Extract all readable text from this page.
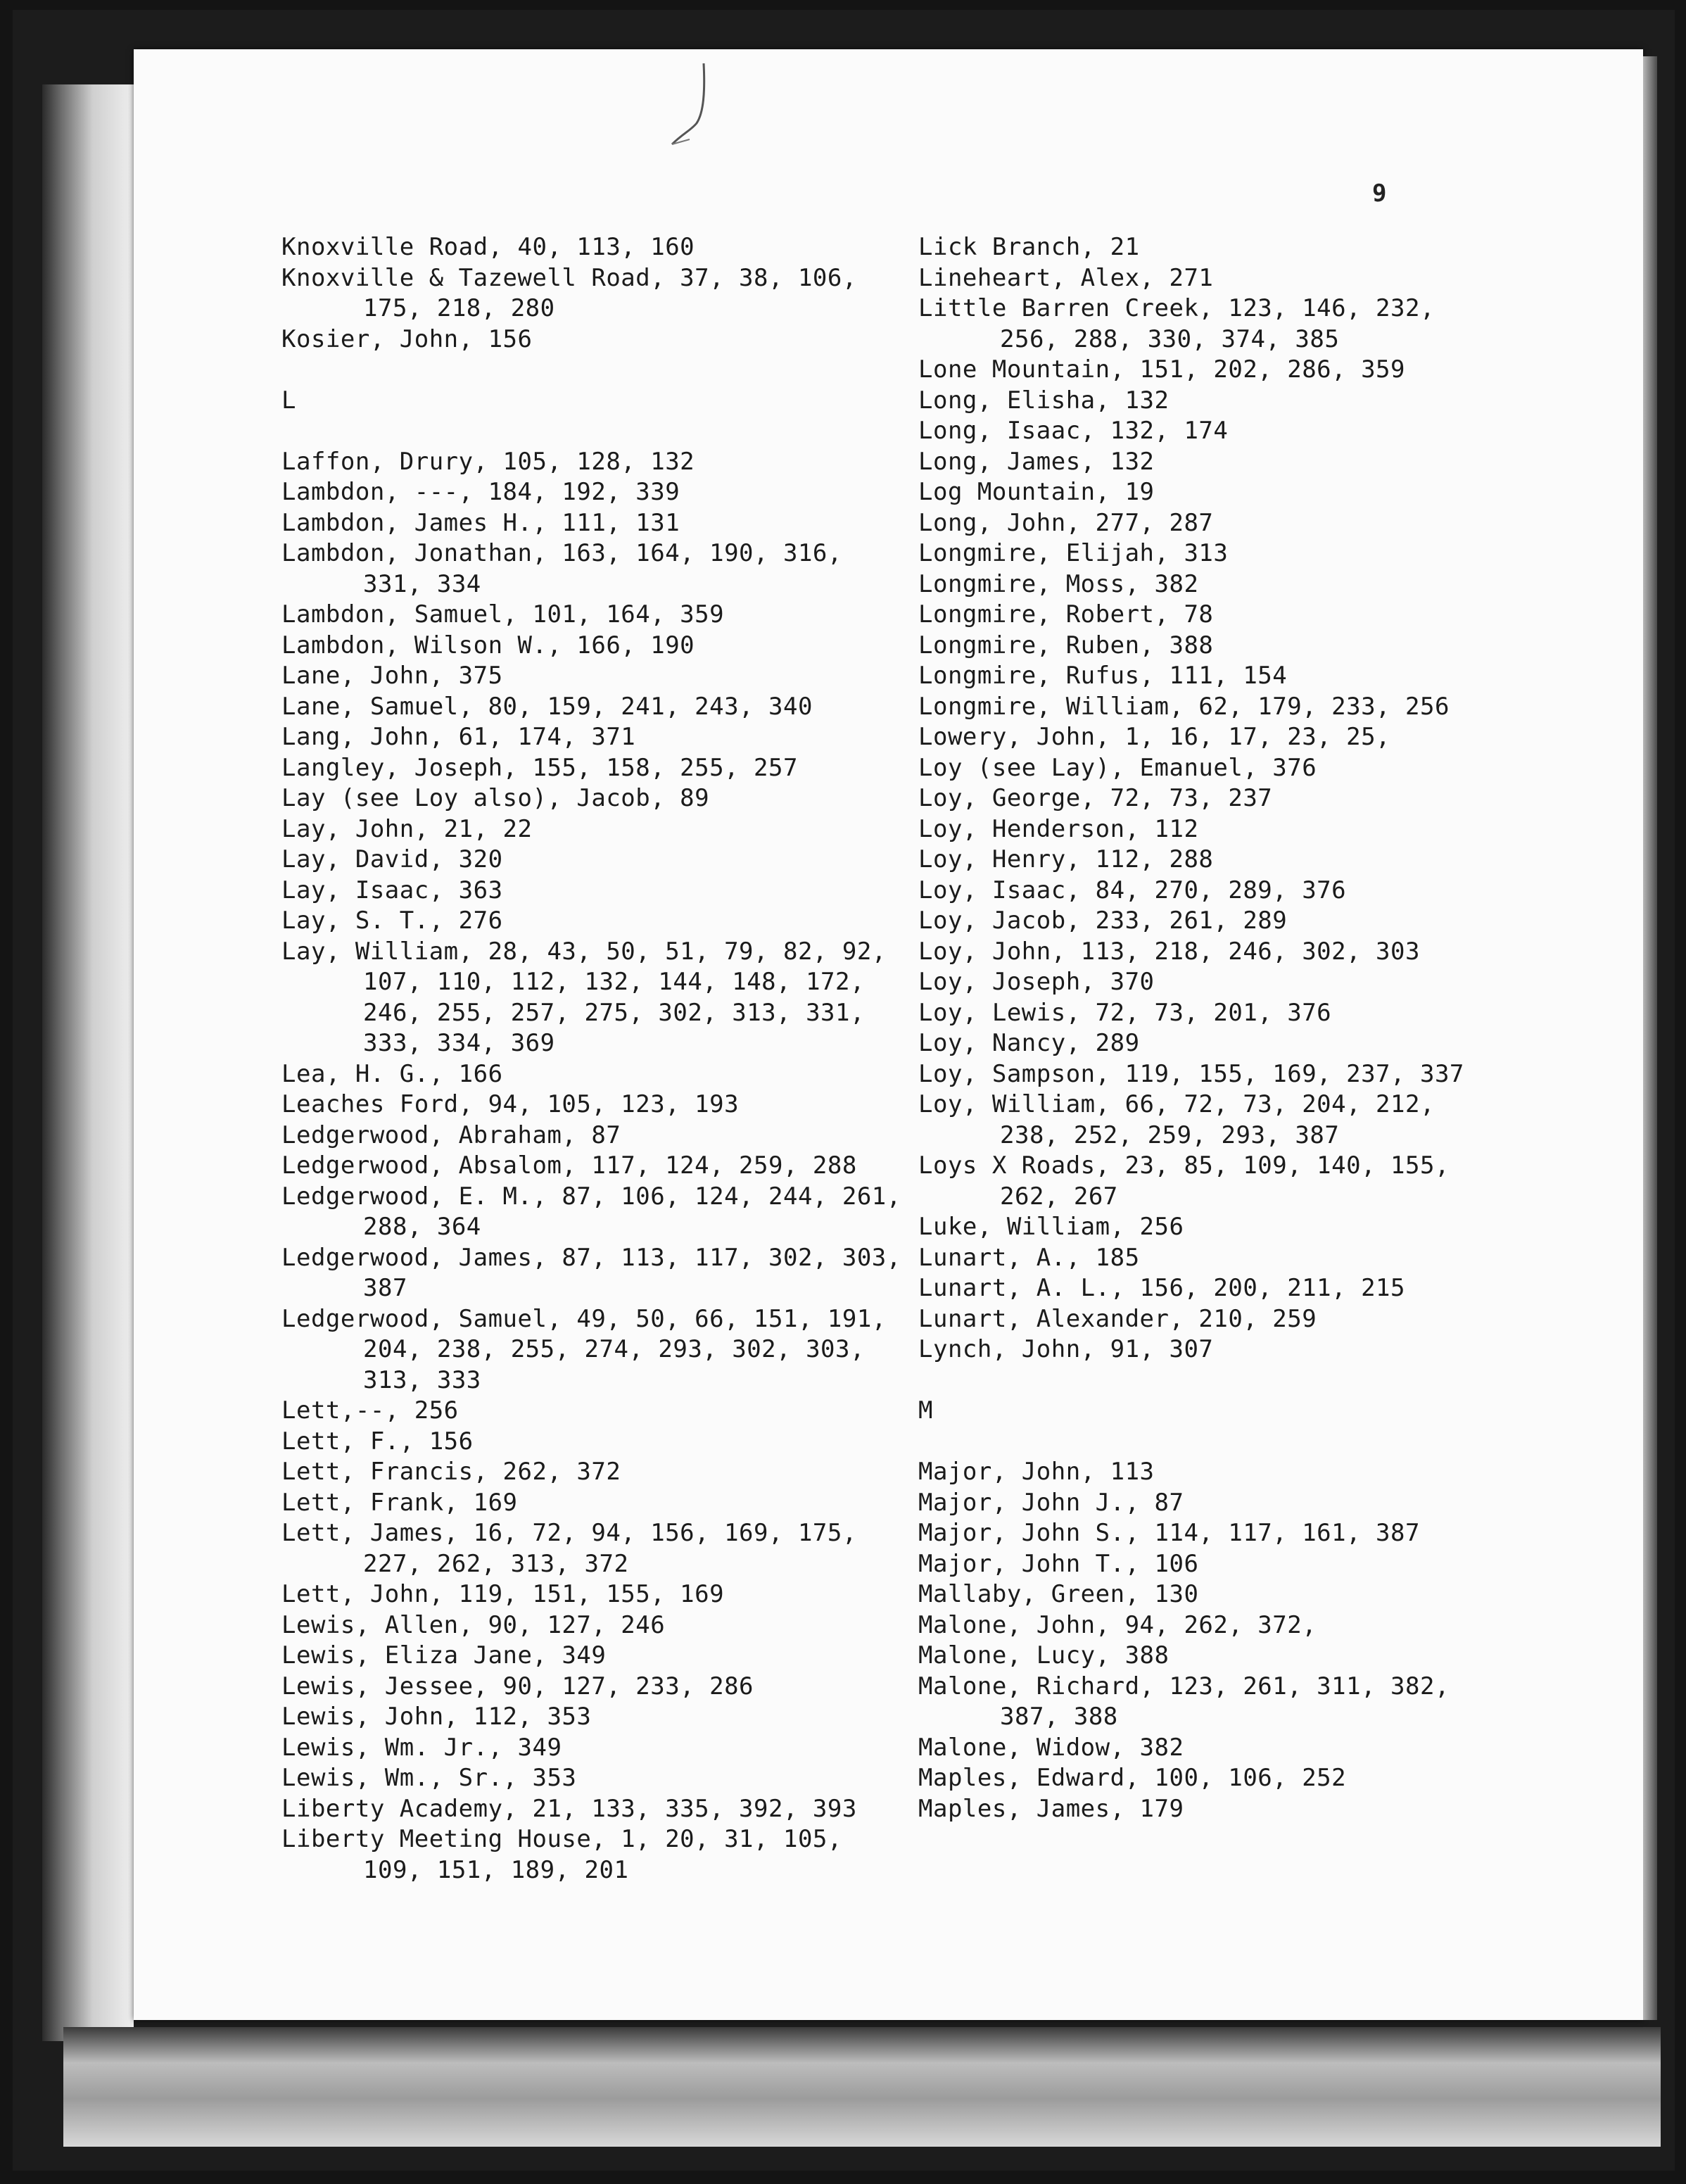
9
Knoxville Road, 40, 113, 160
Knoxville & Tazewell Road, 37, 38, 106, 175, 218, 280
Kosier, John, 156
L
Laffon, Drury, 105, 128, 132
Lambdon, ---, 184, 192, 339
Lambdon, James H., 111, 131
Lambdon, Jonathan, 163, 164, 190, 316, 331, 334
Lambdon, Samuel, 101, 164, 359
Lambdon, Wilson W., 166, 190
Lane, John, 375
Lane, Samuel, 80, 159, 241, 243, 340
Lang, John, 61, 174, 371
Langley, Joseph, 155, 158, 255, 257
Lay (see Loy also), Jacob, 89
Lay, John, 21, 22
Lay, David, 320
Lay, Isaac, 363
Lay, S. T., 276
Lay, William, 28, 43, 50, 51, 79, 82, 92, 107, 110, 112, 132, 144, 148, 172, 246, 255, 257, 275, 302, 313, 331, 333, 334, 369
Lea, H. G., 166
Leaches Ford, 94, 105, 123, 193
Ledgerwood, Abraham, 87
Ledgerwood, Absalom, 117, 124, 259, 288
Ledgerwood, E. M., 87, 106, 124, 244, 261, 288, 364
Ledgerwood, James, 87, 113, 117, 302, 303, 387
Ledgerwood, Samuel, 49, 50, 66, 151, 191, 204, 238, 255, 274, 293, 302, 303, 313, 333
Lett,--, 256
Lett, F., 156
Lett, Francis, 262, 372
Lett, Frank, 169
Lett, James, 16, 72, 94, 156, 169, 175, 227, 262, 313, 372
Lett, John, 119, 151, 155, 169
Lewis, Allen, 90, 127, 246
Lewis, Eliza Jane, 349
Lewis, Jessee, 90, 127, 233, 286
Lewis, John, 112, 353
Lewis, Wm. Jr., 349
Lewis, Wm., Sr., 353
Liberty Academy, 21, 133, 335, 392, 393
Liberty Meeting House, 1, 20, 31, 105, 109, 151, 189, 201
Lick Branch, 21
Lineheart, Alex, 271
Little Barren Creek, 123, 146, 232, 256, 288, 330, 374, 385
Lone Mountain, 151, 202, 286, 359
Long, Elisha, 132
Long, Isaac, 132, 174
Long, James, 132
Log Mountain, 19
Long, John, 277, 287
Longmire, Elijah, 313
Longmire, Moss, 382
Longmire, Robert, 78
Longmire, Ruben, 388
Longmire, Rufus, 111, 154
Longmire, William, 62, 179, 233, 256
Lowery, John, 1, 16, 17, 23, 25,
Loy (see Lay), Emanuel, 376
Loy, George, 72, 73, 237
Loy, Henderson, 112
Loy, Henry, 112, 288
Loy, Isaac, 84, 270, 289, 376
Loy, Jacob, 233, 261, 289
Loy, John, 113, 218, 246, 302, 303
Loy, Joseph, 370
Loy, Lewis, 72, 73, 201, 376
Loy, Nancy, 289
Loy, Sampson, 119, 155, 169, 237, 337
Loy, William, 66, 72, 73, 204, 212, 238, 252, 259, 293, 387
Loys X Roads, 23, 85, 109, 140, 155, 262, 267
Luke, William, 256
Lunart, A., 185
Lunart, A. L., 156, 200, 211, 215
Lunart, Alexander, 210, 259
Lynch, John, 91, 307
M
Major, John, 113
Major, John J., 87
Major, John S., 114, 117, 161, 387
Major, John T., 106
Mallaby, Green, 130
Malone, John, 94, 262, 372,
Malone, Lucy, 388
Malone, Richard, 123, 261, 311, 382, 387, 388
Malone, Widow, 382
Maples, Edward, 100, 106, 252
Maples, James, 179
